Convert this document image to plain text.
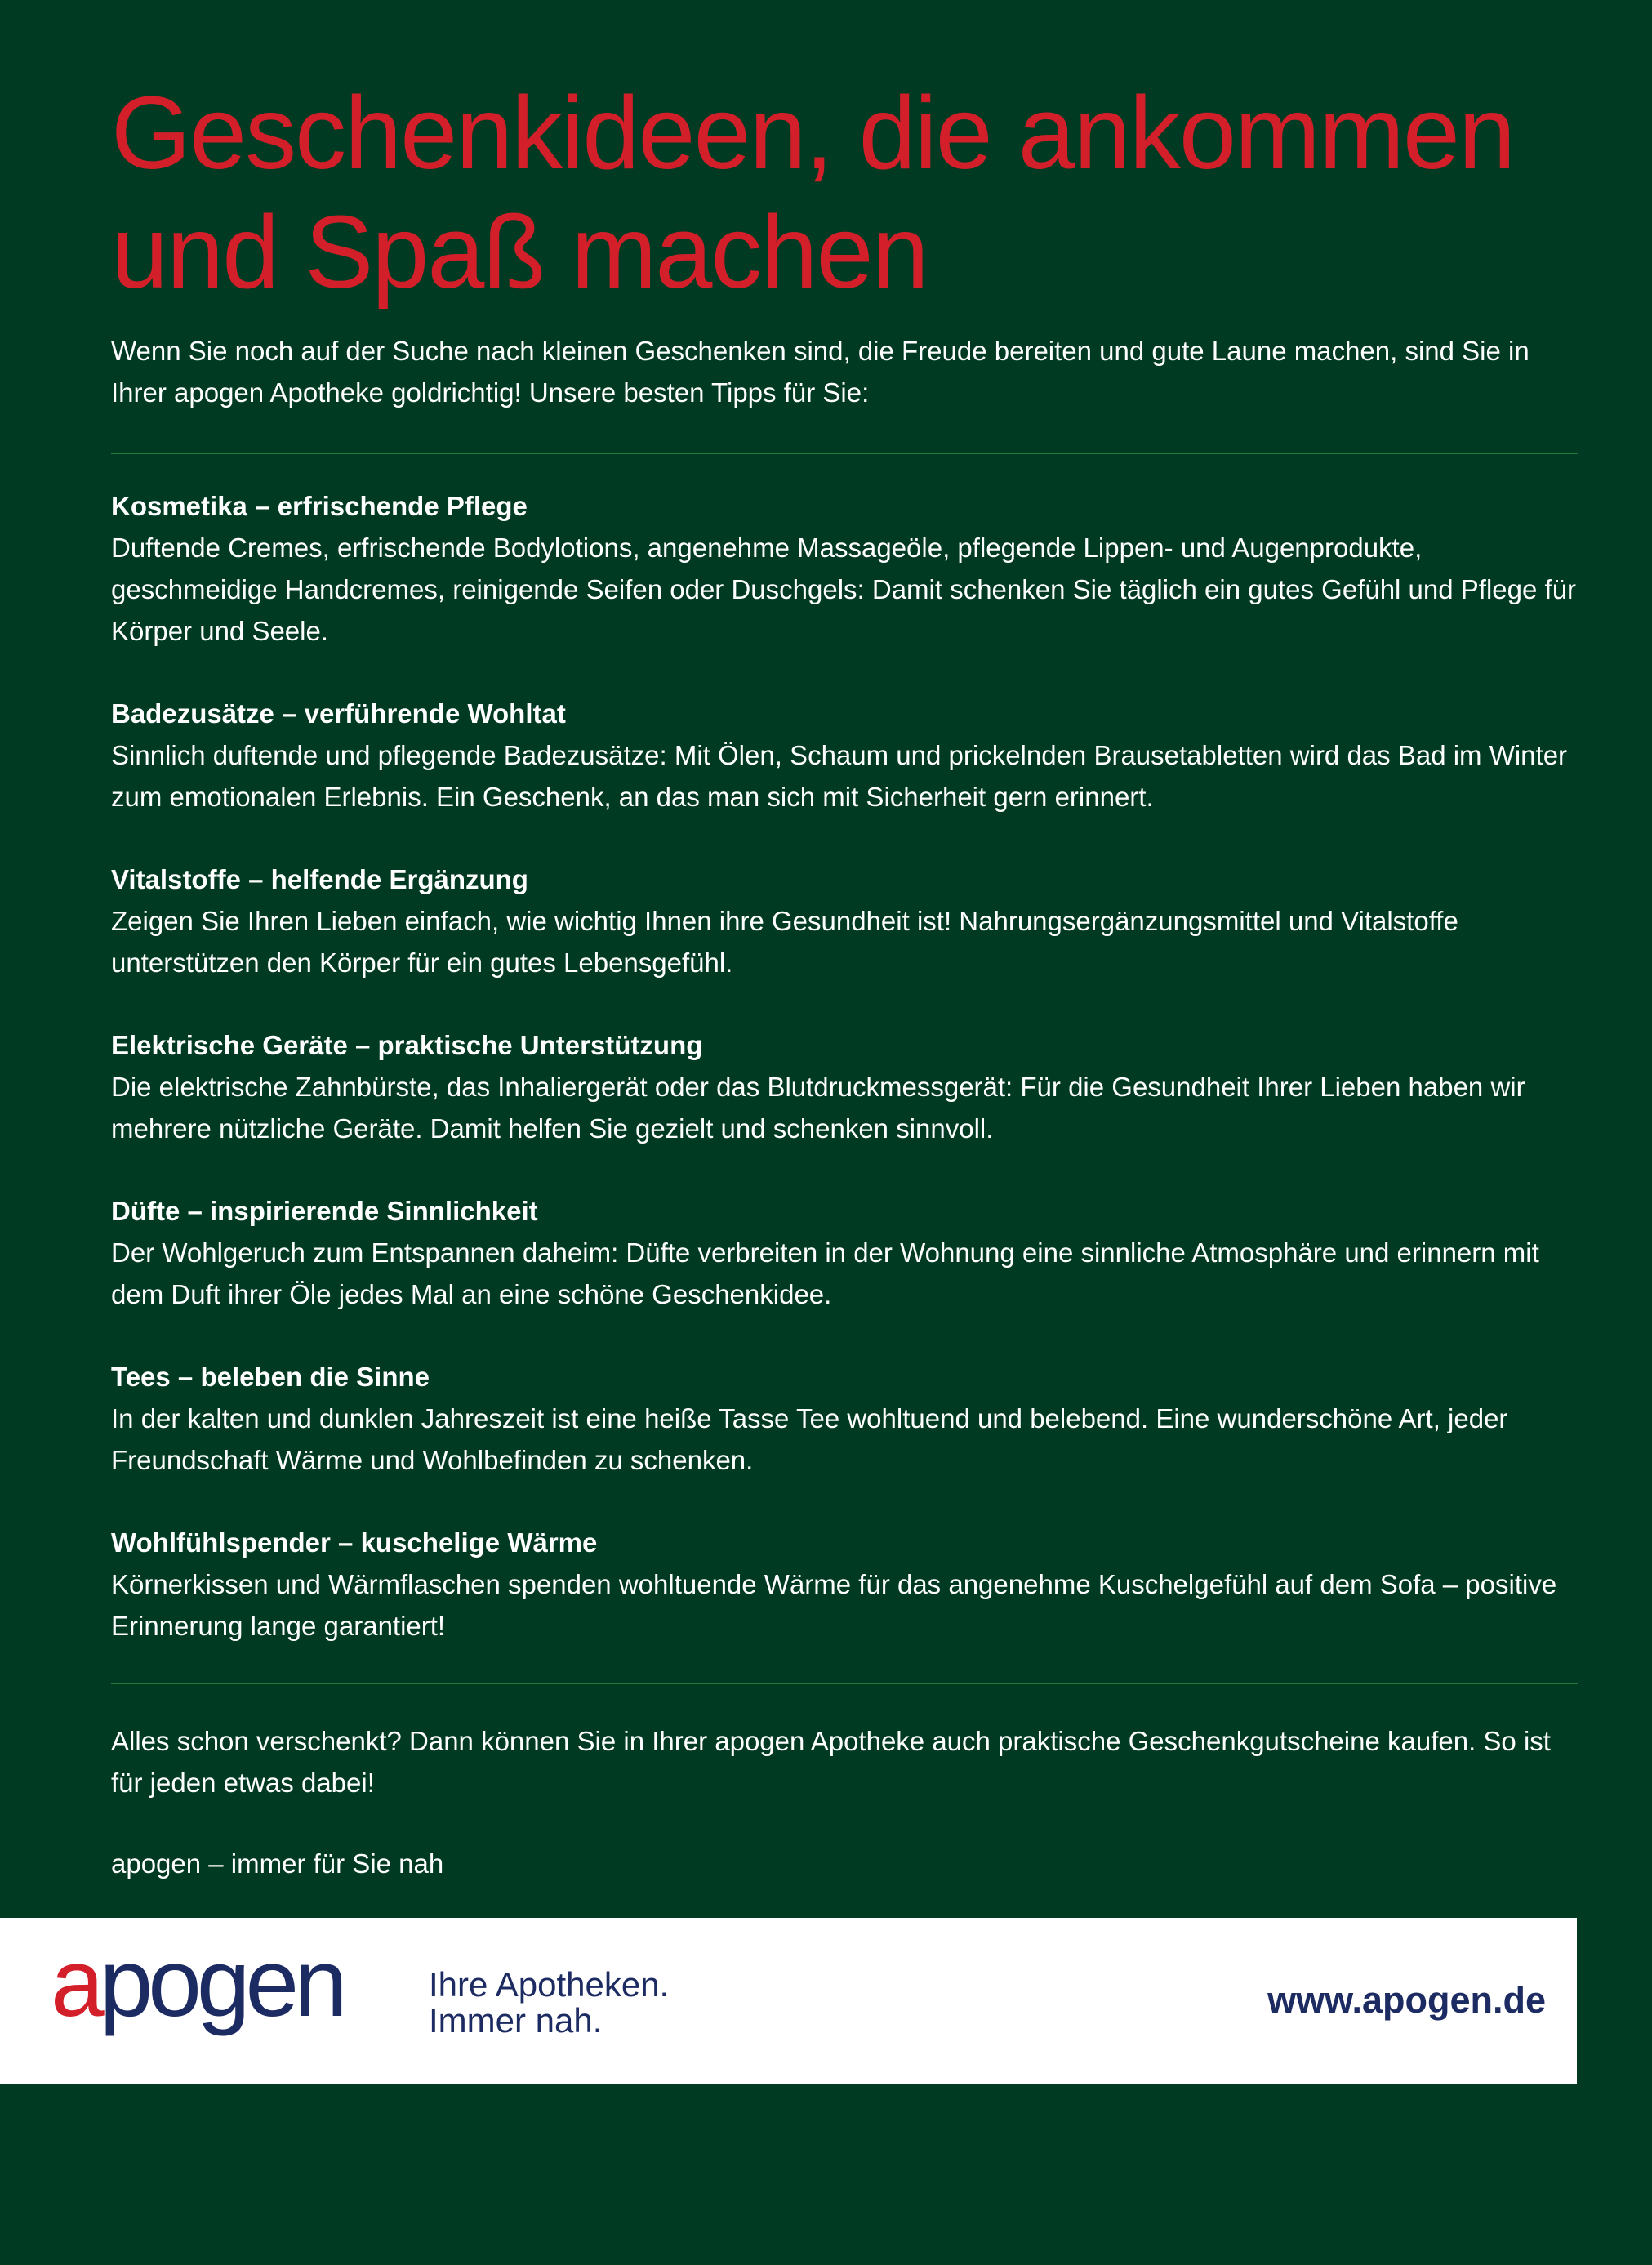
Geschenkideen, die ankommen
und Spaß machen

Wenn Sie noch auf der Suche nach kleinen Geschenken sind, die Freude bereiten und gute Laune machen, sind Sie in Ihrer apogen Apotheke goldrichtig! Unsere besten Tipps für Sie:

Kosmetika – erfrischende Pflege

Duftende Cremes, erfrischende Bodylotions, angenehme Massageöle, pflegende Lippen- und Augenprodukte, geschmeidige Handcremes, reinigende Seifen oder Duschgels: Damit schenken Sie täglich ein gutes Gefühl und Pflege für Körper und Seele.

Badezusätze – verführende Wohltat

Sinnlich duftende und pflegende Badezusätze: Mit Ölen, Schaum und prickelnden Brausetabletten wird das Bad im Winter zum emotionalen Erlebnis. Ein Geschenk, an das man sich mit Sicherheit gern erinnert.

Vitalstoffe – helfende Ergänzung

Zeigen Sie Ihren Lieben einfach, wie wichtig Ihnen ihre Gesundheit ist! Nahrungsergänzungsmittel und Vitalstoffe unterstützen den Körper für ein gutes Lebensgefühl.

Elektrische Geräte – praktische Unterstützung

Die elektrische Zahnbürste, das Inhaliergerät oder das Blutdruckmessgerät: Für die Gesundheit Ihrer Lieben haben wir mehrere nützliche Geräte. Damit helfen Sie gezielt und schenken sinnvoll.

Düfte – inspirierende Sinnlichkeit

Der Wohlgeruch zum Entspannen daheim: Düfte verbreiten in der Wohnung eine sinnliche Atmosphäre und erinnern mit dem Duft ihrer Öle jedes Mal an eine schöne Geschenkidee.

Tees – beleben die Sinne

In der kalten und dunklen Jahreszeit ist eine heiße Tasse Tee wohltuend und belebend. Eine wunderschöne Art, jeder Freundschaft Wärme und Wohlbefinden zu schenken.

Wohlfühlspender – kuschelige Wärme

Körnerkissen und Wärmflaschen spenden wohltuende Wärme für das angenehme Kuschelgefühl auf dem Sofa – positive Erinnerung lange garantiert!

Alles schon verschenkt? Dann können Sie in Ihrer apogen Apotheke auch praktische Geschenkgutscheine kaufen. So ist für jeden etwas dabei!

apogen – immer für Sie nah

apogen	Ihre Apotheken.
Immer nah.	www.apogen.de
